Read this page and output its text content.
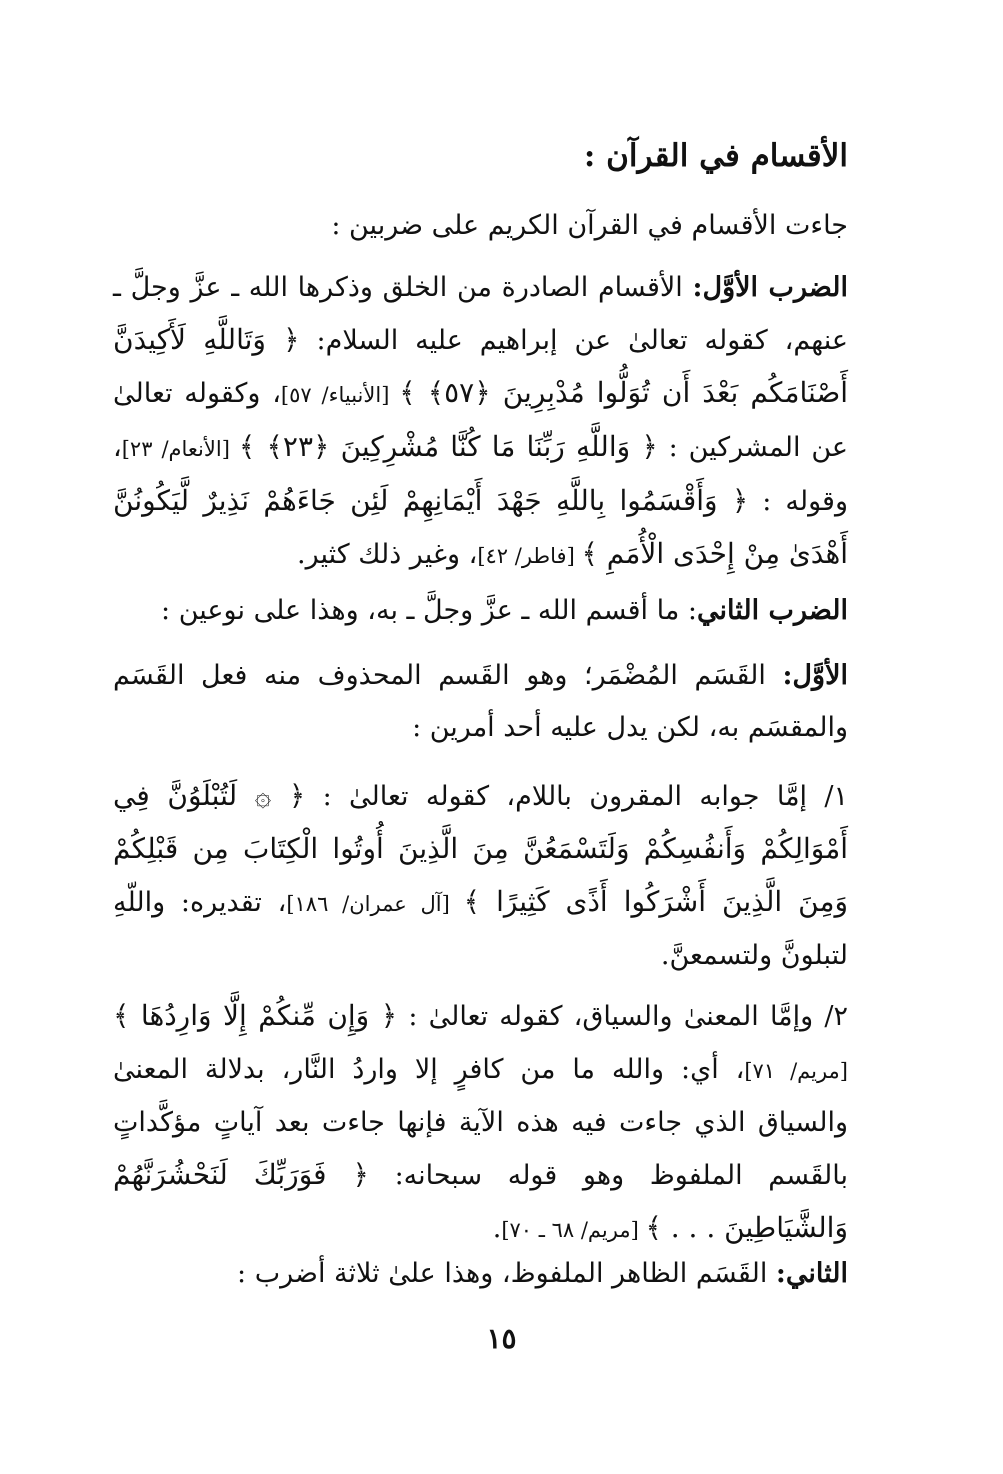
الأقسام في القرآن :
جاءت الأقسام في القرآن الكريم على ضربين :
الضرب الأوَّل: الأقسام الصادرة من الخلق وذكرها الله ـ عزَّ وجلَّ ـ عنهم، كقوله تعالىٰ عن إبراهيم عليه السلام: ﴿ وَتَاللَّهِ لَأَكِيدَنَّ أَصْنَامَكُم بَعْدَ أَن تُوَلُّوا مُدْبِرِينَ ﴿٥٧﴾ ﴾ [الأنبياء/ ٥٧]، وكقوله تعالىٰ عن المشركين : ﴿ وَاللَّهِ رَبِّنَا مَا كُنَّا مُشْرِكِينَ ﴿٢٣﴾ ﴾ [الأنعام/ ٢٣]، وقوله : ﴿ وَأَقْسَمُوا بِاللَّهِ جَهْدَ أَيْمَانِهِمْ لَئِن جَاءَهُمْ نَذِيرٌ لَّيَكُونُنَّ أَهْدَىٰ مِنْ إِحْدَى الْأُمَمِ ﴾ [فاطر/ ٤٢]، وغير ذلك كثير.
الضرب الثاني: ما أقسم الله ـ عزَّ وجلَّ ـ به، وهذا على نوعين :
الأوَّل: القَسَم المُضْمَر؛ وهو القَسم المحذوف منه فعل القَسَم والمقسَم به، لكن يدل عليه أحد أمرين :
١/ إمَّا جوابه المقرون باللام، كقوله تعالىٰ : ﴿ ۞ لَتُبْلَوُنَّ فِي أَمْوَالِكُمْ وَأَنفُسِكُمْ وَلَتَسْمَعُنَّ مِنَ الَّذِينَ أُوتُوا الْكِتَابَ مِن قَبْلِكُمْ وَمِنَ الَّذِينَ أَشْرَكُوا أَذًى كَثِيرًا ﴾ [آل عمران/ ١٨٦]، تقديره: واللّهِ لتبلونَّ ولتسمعنَّ.
٢/ وإمَّا المعنىٰ والسياق، كقوله تعالىٰ : ﴿ وَإِن مِّنكُمْ إِلَّا وَارِدُهَا ﴾ [مريم/ ٧١]، أي: والله ما من كافرٍ إلا واردُ النَّار، بدلالة المعنىٰ والسياق الذي جاءت فيه هذه الآية فإنها جاءت بعد آياتٍ مؤكَّداتٍ بالقَسم الملفوظ وهو قوله سبحانه: ﴿ فَوَرَبِّكَ لَنَحْشُرَنَّهُمْ وَالشَّيَاطِينَ . . . ﴾ [مريم/ ٦٨ ـ ٧٠].
الثاني: القَسَم الظاهر الملفوظ، وهذا علىٰ ثلاثة أضرب :
١٥
